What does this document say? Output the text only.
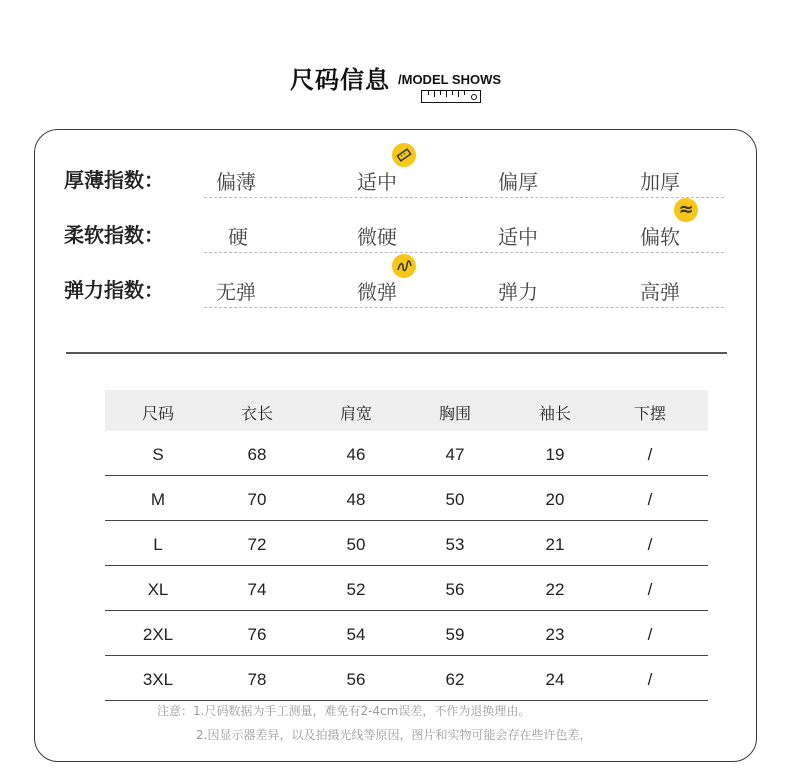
尺码信息 /MODEL SHOWS
厚薄指数：	偏薄	适中	偏厚	加厚
柔软指数：	硬	微硬	适中	偏软
≈
弹力指数：	无弹	微弹	弹力	高弹
尺码	衣长	肩宽	胸围	袖长	下摆
S	68	46	47	19	/
M	70	48	50	20	/
L	72	50	53	21	/
XL	74	52	56	22	/
2XL	76	54	59	23	/
3XL	78	56	62	24	/
注意：1.尺码数据为手工测量，难免有2-4cm误差，不作为退换理由。
2.因显示器差异，以及拍摄光线等原因，图片和实物可能会存在些许色差，
